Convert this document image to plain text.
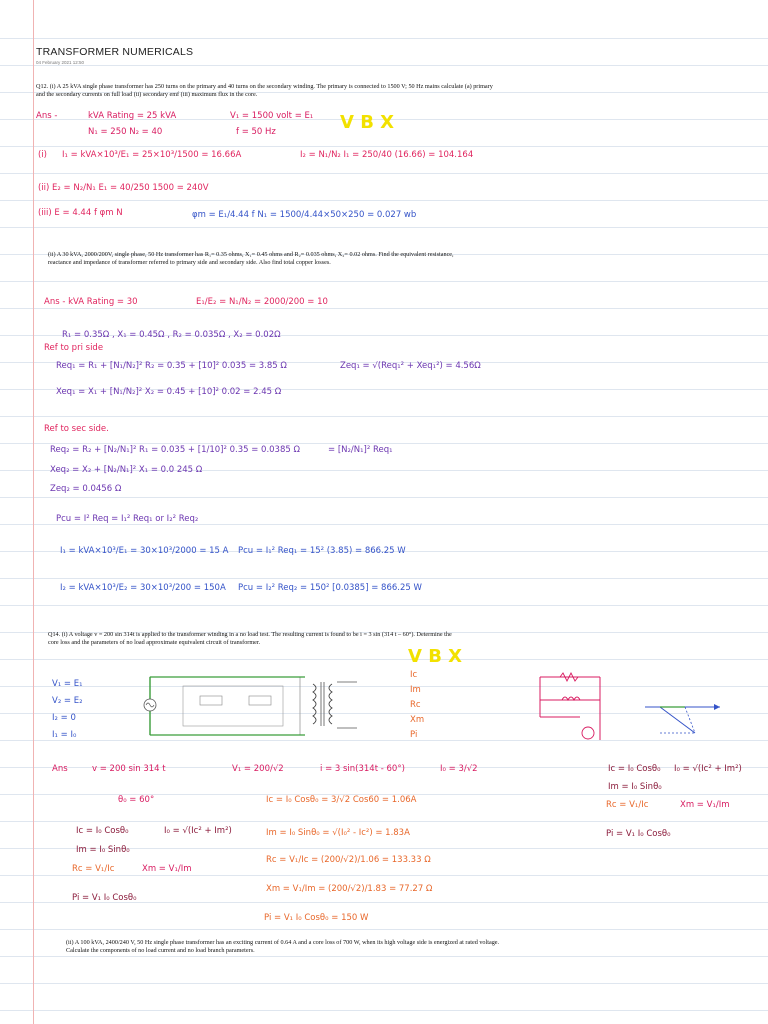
TRANSFORMER NUMERICALS
04 February 2021 12:50
Q12. (i) A 25 kVA single phase transformer has 250 turns on the primary and 40 turns on the secondary winding. The primary is connected to 1500 V; 50 Hz mains calculate (a) primary and the secondary currents on full load (ii) secondary emf (iii) maximum flux in the core.
Ans -	kVA Rating = 25 kVA
N₁ = 250 N₂ = 40
V₁ = 1500 volt = E₁
f = 50 Hz	V B X
(i) I₁ = kVA×10³/E₁ = 25×10³/1500 = 16.66A	I₂ = N₁/N₂ I₁ = 250/40 (16.66) = 104.164
(ii) E₂ = N₂/N₁ E₁ = 40/250 1500 = 240V
(iii) E = 4.44 f φm N	φm = E₁/4.44 f N₁ = 1500/4.44×50×250 = 0.027 wb
(ii) A 30 kVA, 2000/200V, single phase, 50 Hz transformer has R₁= 0.35 ohms, X₁= 0.45 ohms and R₂= 0.035 ohms, X₂= 0.02 ohms. Find the equivalent resistance, reactance and impedance of transformer referred to primary side and secondary side. Also find total copper losses.
Ans - kVA Rating = 30	E₁/E₂ = N₁/N₂ = 2000/200 = 10
R₁ = 0.35Ω , X₁ = 0.45Ω , R₂ = 0.035Ω , X₂ = 0.02Ω
Ref to pri side
Req₁ = R₁ + [N₁/N₂]² R₂ = 0.35 + [10]² 0.035 = 3.85 Ω	Zeq₁ = √(Req₁² + Xeq₁²) = 4.56Ω
Xeq₁ = X₁ + [N₁/N₂]² X₂ = 0.45 + [10]² 0.02 = 2.45 Ω
Ref to sec side.
Req₂ = R₂ + [N₂/N₁]² R₁ = 0.035 + [1/10]² 0.35 = 0.0385 Ω	= [N₂/N₁]² Req₁
Xeq₂ = X₂ + [N₂/N₁]² X₁ = 0.0 245 Ω
Zeq₂ = 0.0456 Ω
Pcu = I² Req = I₁² Req₁ or I₂² Req₂
I₁ = kVA×10³/E₁ = 30×10³/2000 = 15 A Pcu = I₁² Req₁ = 15² (3.85) = 866.25 W
I₂ = kVA×10³/E₂ = 30×10³/200 = 150A Pcu = I₂² Req₂ = 150² [0.0385] = 866.25 W
Q14. (i) A voltage v = 200 sin 314t is applied to the transformer winding in a no load test. The resulting current is found to be i = 3 sin (314 t – 60°). Determine the core loss and the parameters of no load approximate equivalent circuit of transformer.
V B X
V₁ = E₁
V₂ = E₂
I₂ = 0
I₁ = I₀
Ic
Im
Rc
Xm
Pi
Ans	v = 200 sin 314 t	V₁ = 200/√2	i = 3 sin(314t - 60°)	I₀ = 3/√2
θ₀ = 60°	Ic = I₀ Cosθ₀ = 3/√2 Cos60 = 1.06A
Ic = I₀ Cosθ₀	I₀ = √(Ic² + Im²)
Im = I₀ Sinθ₀
Im = I₀ Sinθ₀ = √(I₀² - Ic²) = 1.83A
Rc = V₁/Ic	Xm = V₁/Im
Rc = V₁/Ic = (200/√2)/1.06 = 133.33 Ω
Pi = V₁ I₀ Cosθ₀
Xm = V₁/Im = (200/√2)/1.83 = 77.27 Ω
Pi = V₁ I₀ Cosθ₀ = 150 W
Ic = I₀ Cosθ₀ I₀ = √(Ic² + Im²)
Im = I₀ Sinθ₀
Rc = V₁/Ic	Xm = V₁/Im
Pi = V₁ I₀ Cosθ₀
(ii) A 100 kVA, 2400/240 V, 50 Hz single phase transformer has an exciting current of 0.64 A and a core loss of 700 W, when its high voltage side is energized at rated voltage. Calculate the components of no load current and no load branch parameters.
